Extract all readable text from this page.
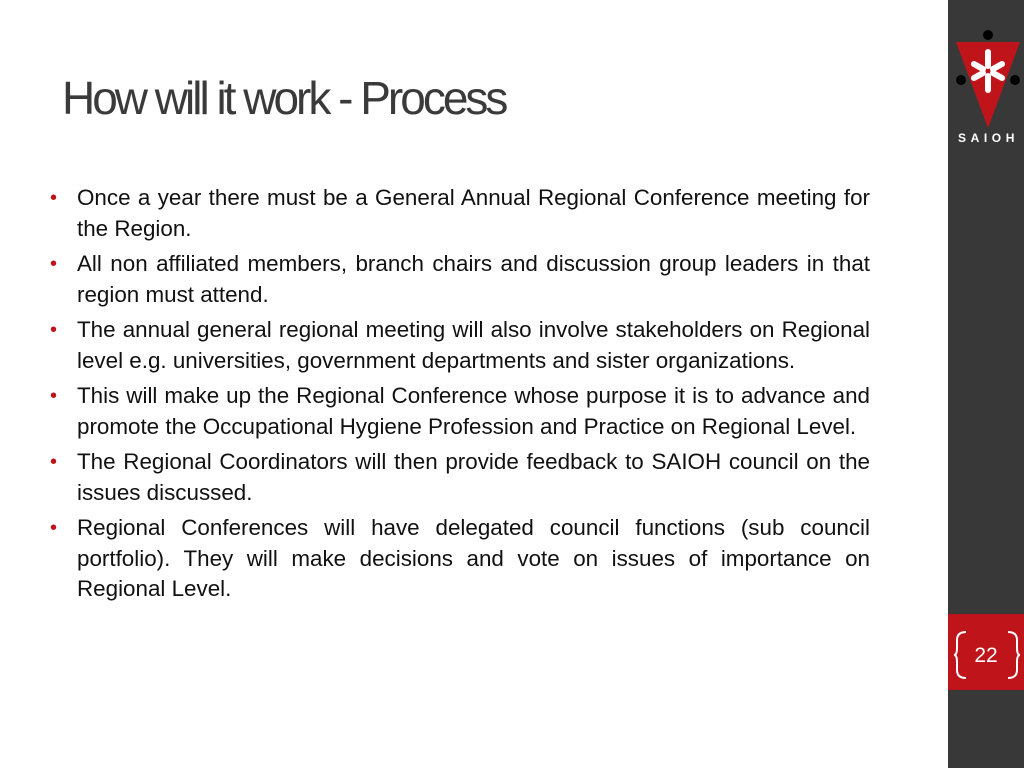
How will it work - Process
• Once a year there must be a General Annual Regional Conference meeting for the Region.
• All non affiliated members, branch chairs and discussion group leaders in that region must attend.
• The annual general regional meeting will also involve stakeholders on Regional level e.g. universities, government departments and sister organizations.
• This will make up the Regional Conference whose purpose it is to advance and promote the Occupational Hygiene Profession and Practice on Regional Level.
• The Regional Coordinators will then provide feedback to SAIOH council on the issues discussed.
• Regional Conferences will have delegated council functions (sub council portfolio). They will make decisions and vote on issues of importance on Regional Level.
SAIOH
22
